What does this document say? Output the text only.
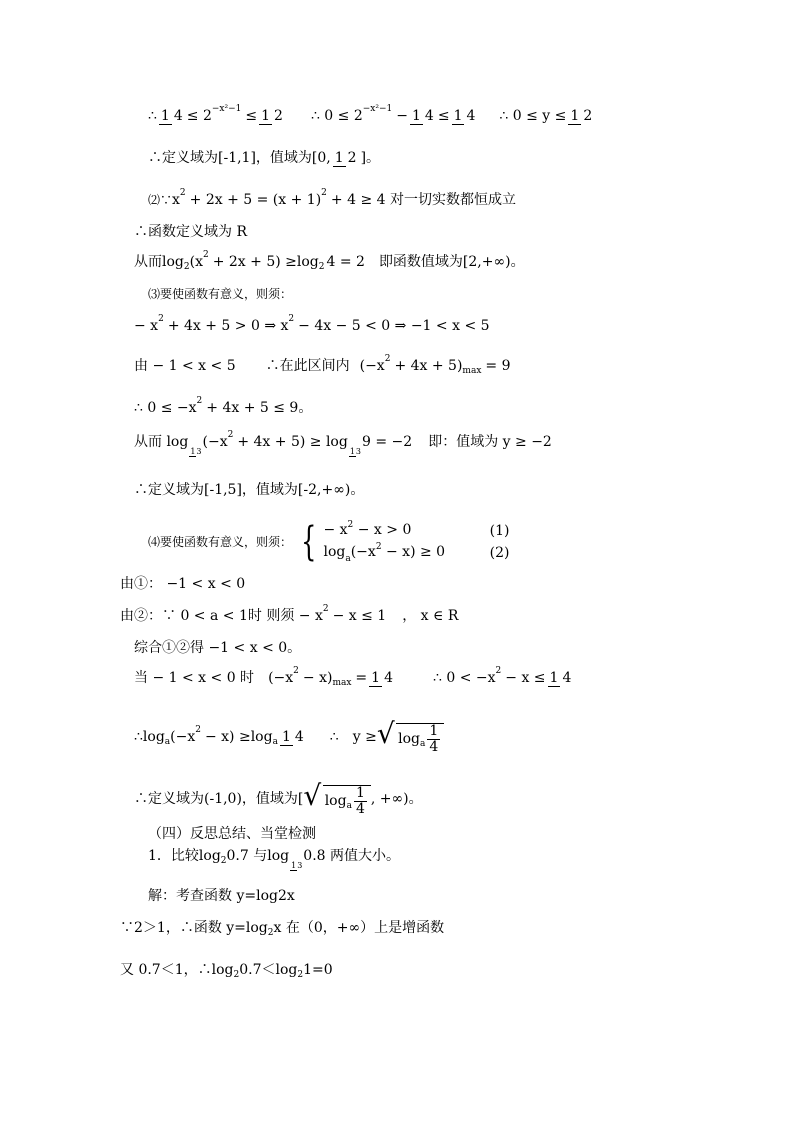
∴ 1 4 ≤ 2 −x²−1 ≤ 1 2 ∴ 0 ≤ 2 −x²−1 − 1 4 ≤ 1 4 ∴ 0 ≤ y ≤ 1 2
∴定义域为[-1,1]，值域为[0, 1 2 ]。
⑵∵ x 2 + 2x + 5 = (x + 1) 2 + 4 ≥ 4 对一切实数都恒成立
∴函数定义域为 R
从而log 2 (x 2 + 2x + 5) ≥log 2 4 = 2 即函数值域为[2,+∞)。
⑶要使函数有意义，则须：
− x 2 + 4x + 5 > 0 ⇒ x 2 − 4x − 5 < 0 ⇒ −1 < x < 5
由 − 1 < x < 5 ∴在此区间内 (−x 2 + 4x + 5) max = 9
∴ 0 ≤ −x 2 + 4x + 5 ≤ 9。
从而 log
13
(−x 2 + 4x + 5) ≥ log
13
9 = −2 即：值域为 y ≥ −2
∴定义域为[-1,5]，值域为[-2,+∞)。
⑷要使函数有意义，则须： { − $x^2 - x > 0$	(1)
$\log_a(-x^2 - x) \ge 0$	(2)
由①： −1 < x < 0
由②：∵ 0 < a < 1时 则须 − x 2 − x ≤ 1 ， x ∈ R
综合①②得 −1 < x < 0。
当 − 1 < x < 0 时 (−x 2 − x) max = 1 4	∴ 0 < −x 2 − x ≤ 1 4
∴log a (−x 2 − x) ≥log a 1 4 ∴ y ≥ √ log a $\frac{1}{4}$
∴定义域为(-1,0)，值域为[ √ log a $\frac{1}{4}$ , +∞)。
（四）反思总结、当堂检测
1．比较log 2 0.7 与log
13
0.8 两值大小。
解：考查函数 y=log2x
∵2＞1，∴函数 y=log 2 x 在（0，+∞）上是增函数
又 0.7＜1，∴log 2 0.7＜log 2 1=0
